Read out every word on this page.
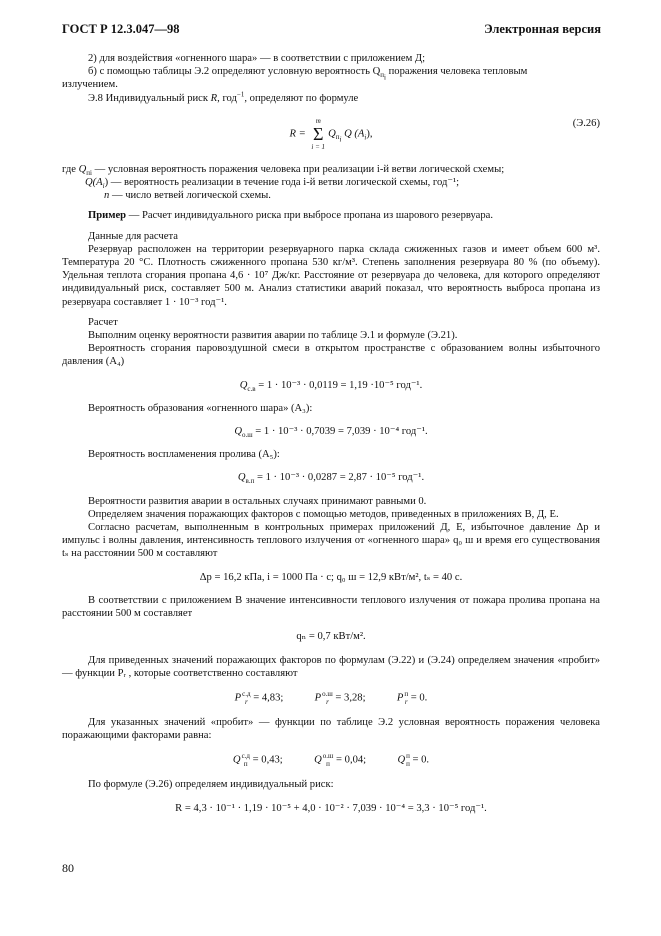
ГОСТ Р 12.3.047—98	Электронная версия

2) для воздействия «огненного шара» — в соответствии с приложением Д;

б) с помощью таблицы Э.2 определяют условную вероятность $Q_{п_i}$ поражения человека тепловым

излучением.

Э.8 Индивидуальный риск R, год$^{-1}$, определяют по формуле

R =
m
Σ
i = 1
$Q_{п_i}$ Q $(A_i)$,
(Э.26)

где $Q_{пi}$ — условная вероятность поражения человека при реализации i-й ветви логической схемы;

$Q(A_i)$ — вероятность реализации в течение года i-й ветви логической схемы, год⁻¹;

n — число ветвей логической схемы.

Пример — Расчет индивидуального риска при выбросе пропана из шарового резервуара.

Данные для расчета

Резервуар расположен на территории резервуарного парка склада сжиженных газов и имеет объем 600 м³. Температура 20 °С. Плотность сжиженного пропана 530 кг/м³. Степень заполнения резервуара 80 % (по объему). Удельная теплота сгорания пропана 4,6 · 10⁷ Дж/кг. Расстояние от резервуара до человека, для которого определяют индивидуальный риск, составляет 500 м. Анализ статистики аварий показал, что вероятность выброса пропана из резервуара составляет 1 · 10⁻³ год⁻¹.

Расчет

Выполним оценку вероятности развития аварии по таблице Э.1 и формуле (Э.21).

Вероятность сгорания паровоздушной смеси в открытом пространстве с образованием волны избыточного давления (A₄)

$Q_{с.в} = 1 \cdot 10^{-3} \cdot 0,0119 = 1,19 \cdot 10^{-5}$ год⁻¹.

Вероятность образования «огненного шара» (A₃):

$Q_{о.ш} = 1 \cdot 10^{-3} \cdot 0,7039 = 7,039 \cdot 10^{-4}$ год⁻¹.

Вероятность воспламенения пролива (A₅):

$Q_{в.п} = 1 \cdot 10^{-3} \cdot 0,0287 = 2,87 \cdot 10^{-5}$ год⁻¹.

Вероятности развития аварии в остальных случаях принимают равными 0.

Определяем значения поражающих факторов с помощью методов, приведенных в приложениях В, Д, Е.

Согласно расчетам, выполненным в контрольных примерах приложений Д, Е, избыточное давление Δp и импульс i волны давления, интенсивность теплового излучения от «огненного шара» q₀ ш и время его существования tₛ на расстоянии 500 м составляют

Δp = 16,2 кПа, i = 1000 Па · с; q₀ ш = 12,9 кВт/м², tₛ = 40 с.

В соответствии с приложением В значение интенсивности теплового излучения от пожара пролива пропана на расстоянии 500 м составляет

qₙ = 0,7 кВт/м².

Для приведенных значений поражающих факторов по формулам (Э.22) и (Э.24) определяем значения «пробит» — функции Pᵣ , которые соответственно составляют

P с.д
r = 4,83;	P о.ш
r = 3,28;	P п
r = 0.

Для указанных значений «пробит» — функции по таблице Э.2 условная вероятность поражения человека поражающими факторами равна:

Q с.д
п = 0,43;	Q о.ш
п = 0,04;	Q п
п = 0.

По формуле (Э.26) определяем индивидуальный риск:

R = 4,3 · 10⁻¹ · 1,19 · 10⁻⁵ + 4,0 · 10⁻² · 7,039 · 10⁻⁴ = 3,3 · 10⁻⁵ год⁻¹.
80
